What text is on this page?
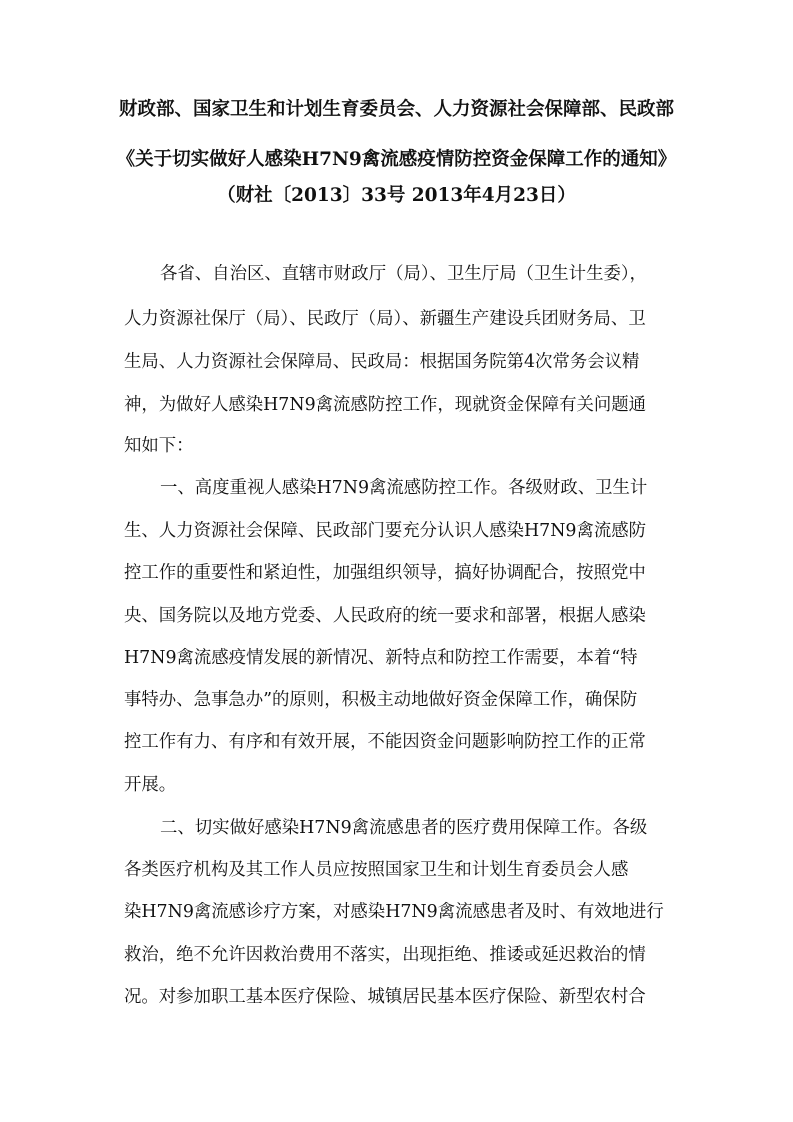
财政部、国家卫生和计划生育委员会、人力资源社会保障部、民政部
《关于切实做好人感染H7N9禽流感疫情防控资金保障工作的通知》
（财社〔2013〕33号 2013年4月23日）
各省、自治区、直辖市财政厅（局）、卫生厅局（卫生计生委），
人力资源社保厅（局）、民政厅（局）、新疆生产建设兵团财务局、卫
生局、人力资源社会保障局、民政局：根据国务院第4次常务会议精
神，为做好人感染H7N9禽流感防控工作，现就资金保障有关问题通
知如下：
一、高度重视人感染H7N9禽流感防控工作。各级财政、卫生计
生、人力资源社会保障、民政部门要充分认识人感染H7N9禽流感防
控工作的重要性和紧迫性，加强组织领导，搞好协调配合，按照党中
央、国务院以及地方党委、人民政府的统一要求和部署，根据人感染
H7N9禽流感疫情发展的新情况、新特点和防控工作需要，本着“特
事特办、急事急办”的原则，积极主动地做好资金保障工作，确保防
控工作有力、有序和有效开展，不能因资金问题影响防控工作的正常
开展。
二、切实做好感染H7N9禽流感患者的医疗费用保障工作。各级
各类医疗机构及其工作人员应按照国家卫生和计划生育委员会人感
染H7N9禽流感诊疗方案，对感染H7N9禽流感患者及时、有效地进行
救治，绝不允许因救治费用不落实，出现拒绝、推诿或延迟救治的情
况。对参加职工基本医疗保险、城镇居民基本医疗保险、新型农村合
